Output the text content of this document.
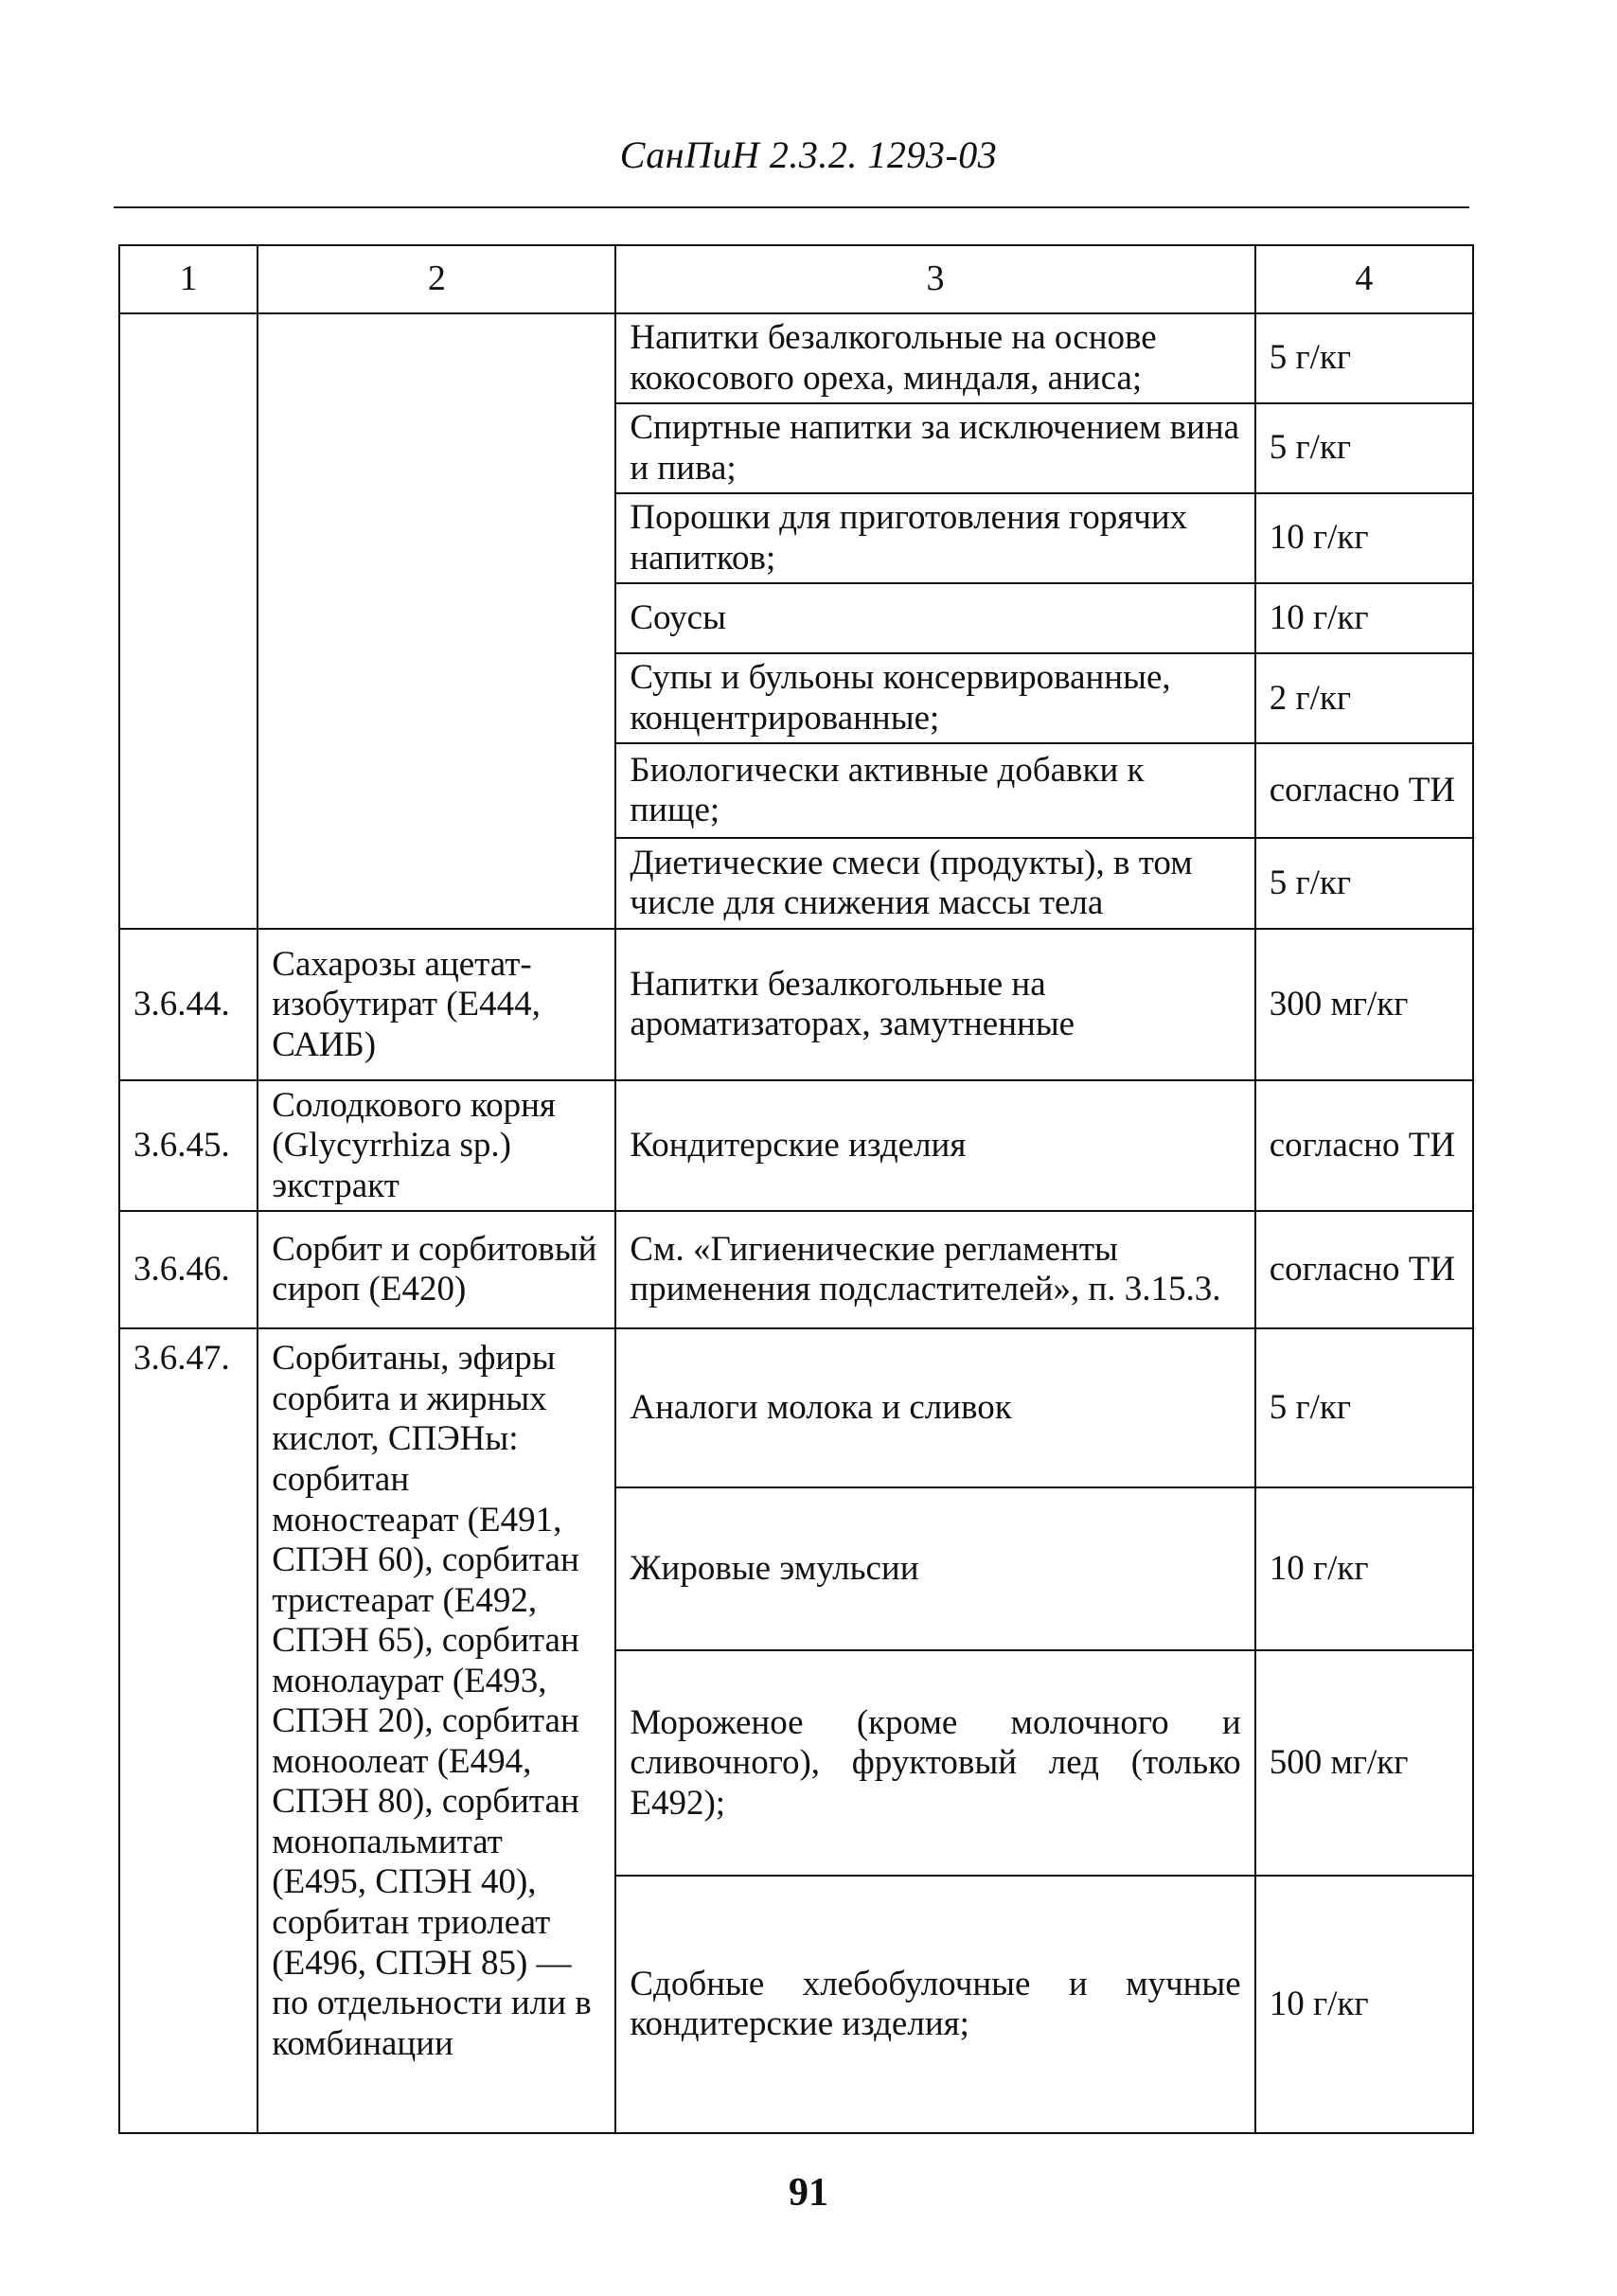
СанПиН 2.3.2. 1293-03
1	2	3	4
		Напитки безалкогольные на основе кокосового ореха, миндаля, аниса;	5 г/кг
		Спиртные напитки за исключением вина и пива;	5 г/кг
		Порошки для приготовления горячих напитков;	10 г/кг
		Соусы	10 г/кг
		Супы и бульоны консервированные, концентрированные;	2 г/кг
		Биологически активные добавки к пище;	согласно ТИ
		Диетические смеси (продукты), в том числе для снижения массы тела	5 г/кг
3.6.44.	Сахарозы ацетат-изобутират (Е444, САИБ)	Напитки безалкогольные на ароматизаторах, замутненные	300 мг/кг
3.6.45.	Солодкового корня (Glycyrrhiza sp.) экстракт	Кондитерские изделия	согласно ТИ
3.6.46.	Сорбит и сорбитовый сироп (Е420)	См. «Гигиенические регламенты применения подсластителей», п. 3.15.3.	согласно ТИ
3.6.47.	Сорбитаны, эфиры сорбита и жирных кислот, СПЭНы: сорбитан моностеарат (Е491, СПЭН 60), сорбитан тристеарат (Е492, СПЭН 65), сорбитан монолаурат (Е493, СПЭН 20), сорбитан моноолеат (Е494, СПЭН 80), сорбитан монопальмитат (Е495, СПЭН 40), сорбитан триолеат (Е496, СПЭН 85) — по отдельности или в комбинации	Аналоги молока и сливок	5 г/кг
		Жировые эмульсии	10 г/кг
		Мороженое (кроме молочного и сливочного), фруктовый лед (только Е492);	500 мг/кг
		Сдобные хлебобулочные и мучные кондитерские изделия;	10 г/кг
91
